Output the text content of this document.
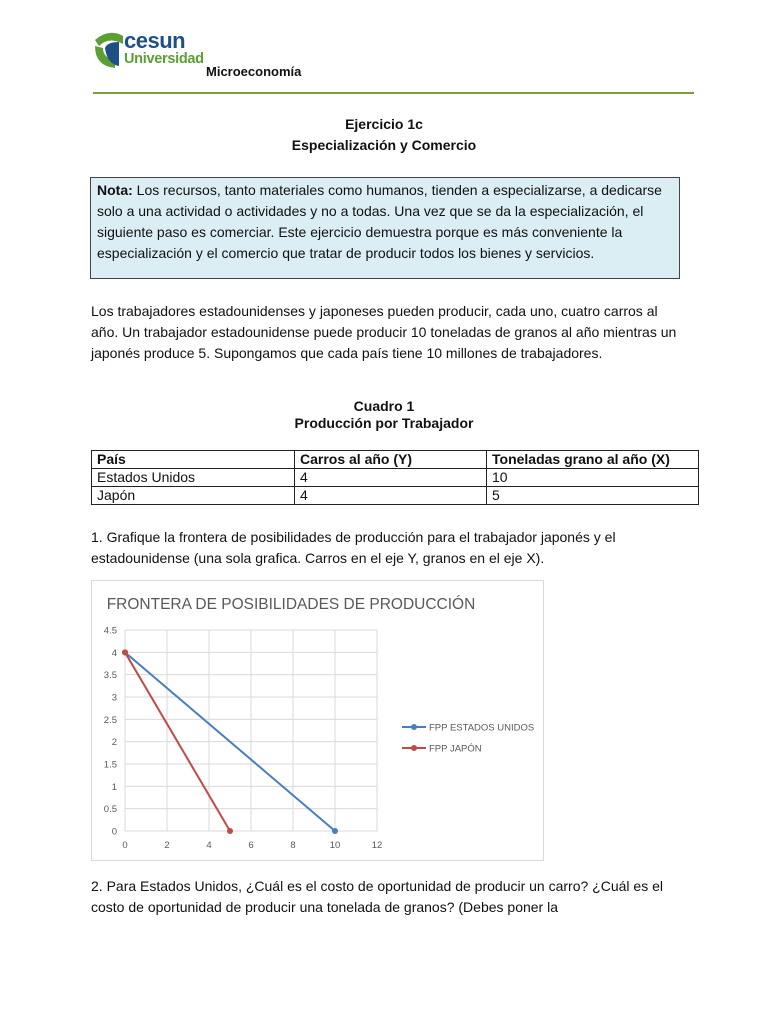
cesun
Universidad
Microeconomía
Ejercicio 1c
Especialización y Comercio
Nota: Los recursos, tanto materiales como humanos, tienden a especializarse, a dedicarse solo a una actividad o actividades y no a todas. Una vez que se da la especialización, el siguiente paso es comerciar. Este ejercicio demuestra porque es más conveniente la especialización y el comercio que tratar de producir todos los bienes y servicios.
Los trabajadores estadounidenses y japoneses pueden producir, cada uno, cuatro carros al año. Un trabajador estadounidense puede producir 10 toneladas de granos al año mientras un japonés produce 5. Supongamos que cada país tiene 10 millones de trabajadores.
Cuadro 1
Producción por Trabajador
País	Carros al año (Y)	Toneladas grano al año (X)
Estados Unidos	4	10
Japón	4	5
1. Grafique la frontera de posibilidades de producción para el trabajador japonés y el estadounidense (una sola grafica. Carros en el eje Y, granos en el eje X).
FRONTERA DE POSIBILIDADES DE PRODUCCIÓN
0
0.5
1
1.5
2
2.5
3
3.5
4
4.5
0	2	4	6	8	10	12
FPP ESTADOS UNIDOS
FPP JAPÓN
2. Para Estados Unidos, ¿Cuál es el costo de oportunidad de producir un carro? ¿Cuál es el costo de oportunidad de producir una tonelada de granos? (Debes poner la
